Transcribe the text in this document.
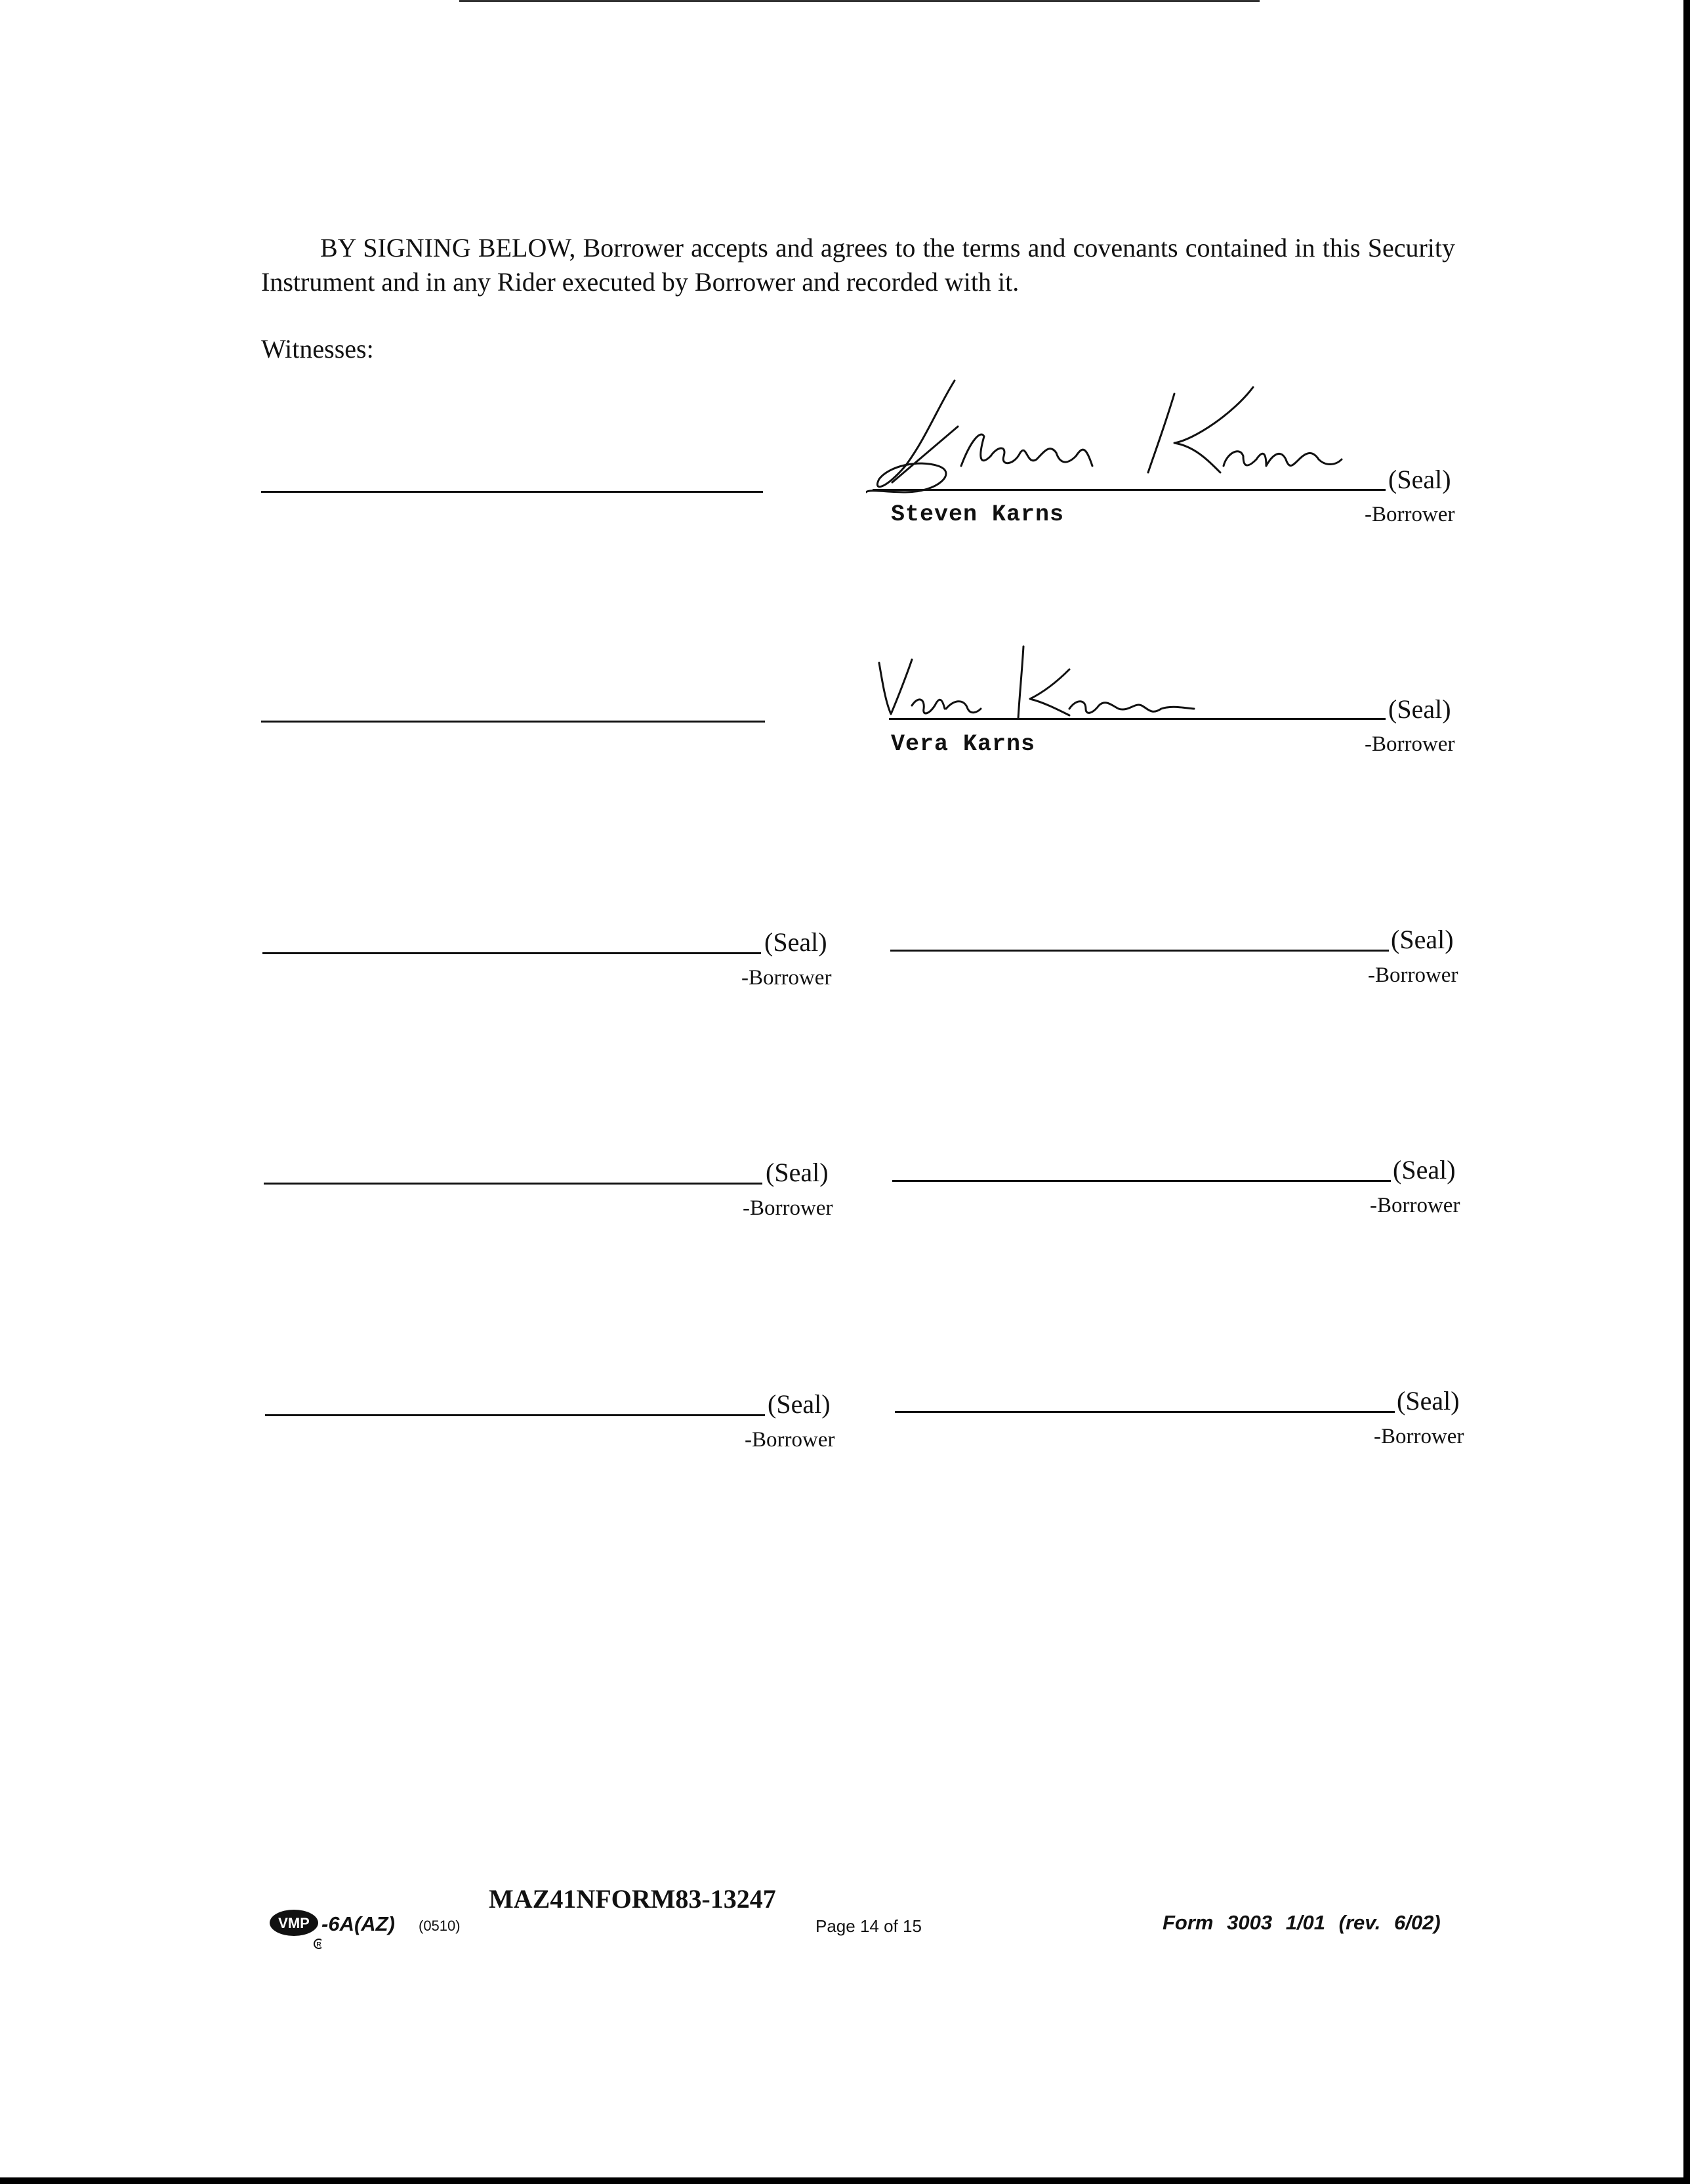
BY SIGNING BELOW, Borrower accepts and agrees to the terms and covenants contained in this Security Instrument and in any Rider executed by Borrower and recorded with it.
Witnesses:
(Seal)
Steven Karns	-Borrower
(Seal)
Vera Karns	-Borrower
(Seal)
-Borrower
(Seal)
-Borrower
(Seal)
-Borrower
(Seal)
-Borrower
(Seal)
-Borrower
(Seal)
-Borrower
MAZ41NFORM83-13247
VMP
R
-6A(AZ) (0510)	Page 14 of 15	Form 3003 1/01 (rev. 6/02)
